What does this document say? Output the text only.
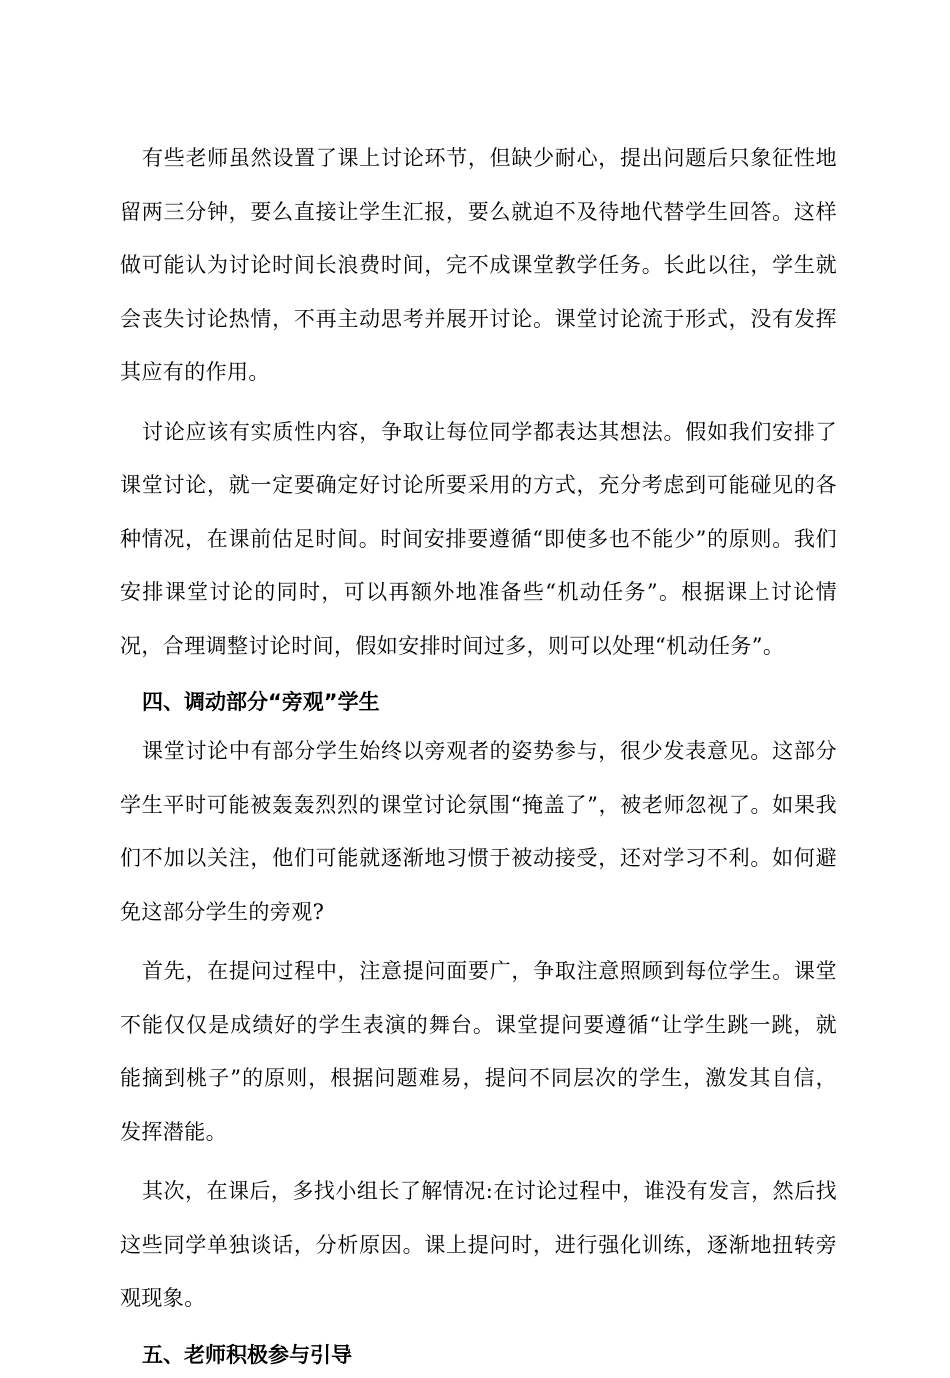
有些老师虽然设置了课上讨论环节，但缺少耐心，提出问题后只象征性地留两三分钟，要么直接让学生汇报，要么就迫不及待地代替学生回答。这样做可能认为讨论时间长浪费时间，完不成课堂教学任务。长此以往，学生就会丧失讨论热情，不再主动思考并展开讨论。课堂讨论流于形式，没有发挥其应有的作用。

讨论应该有实质性内容，争取让每位同学都表达其想法。假如我们安排了课堂讨论，就一定要确定好讨论所要采用的方式，充分考虑到可能碰见的各种情况，在课前估足时间。时间安排要遵循“即使多也不能少”的原则。我们安排课堂讨论的同时，可以再额外地准备些“机动任务”。根据课上讨论情况，合理调整讨论时间，假如安排时间过多，则可以处理“机动任务”。

四、调动部分“旁观”学生

课堂讨论中有部分学生始终以旁观者的姿势参与，很少发表意见。这部分学生平时可能被轰轰烈烈的课堂讨论氛围“掩盖了”，被老师忽视了。如果我们不加以关注，他们可能就逐渐地习惯于被动接受，还对学习不利。如何避免这部分学生的旁观?

首先，在提问过程中，注意提问面要广，争取注意照顾到每位学生。课堂不能仅仅是成绩好的学生表演的舞台。课堂提问要遵循“让学生跳一跳，就能摘到桃子”的原则，根据问题难易，提问不同层次的学生，激发其自信，发挥潜能。

其次，在课后，多找小组长了解情况:在讨论过程中，谁没有发言，然后找这些同学单独谈话，分析原因。课上提问时，进行强化训练，逐渐地扭转旁观现象。

五、老师积极参与引导
